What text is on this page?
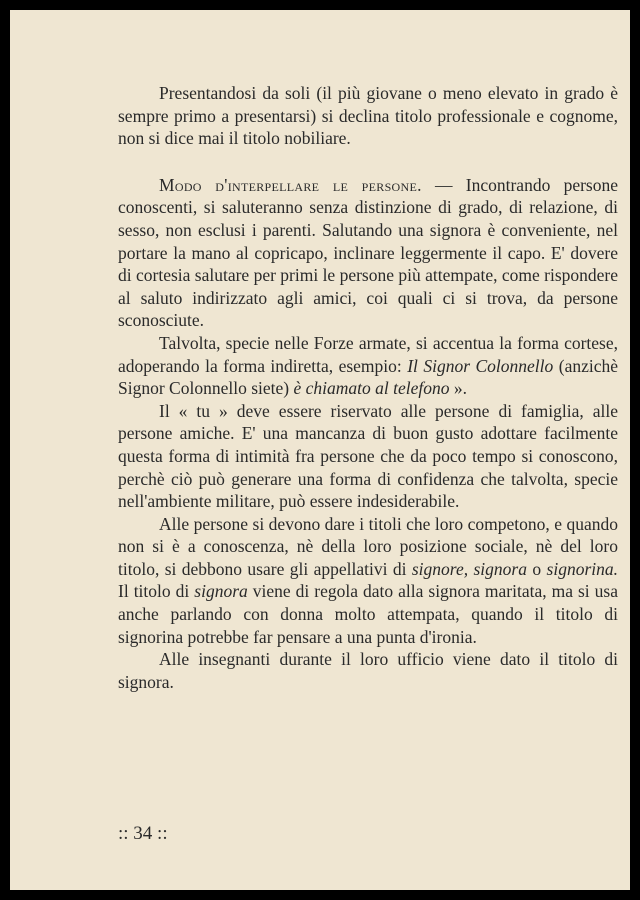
Presentandosi da soli (il più giovane o meno elevato in grado è sempre primo a presentarsi) si declina titolo professionale e cognome, non si dice mai il titolo nobiliare.

Modo d'interpellare le persone. — Incontrando persone conoscenti, si saluteranno senza distinzione di grado, di relazione, di sesso, non esclusi i parenti. Salutando una signora è conveniente, nel portare la mano al copricapo, inclinare leggermente il capo. E' dovere di cortesia salutare per primi le persone più attempate, come rispondere al saluto indirizzato agli amici, coi quali ci si trova, da persone sconosciute.

Talvolta, specie nelle Forze armate, si accentua la forma cortese, adoperando la forma indiretta, esempio: Il Signor Colonnello (anzichè Signor Colonnello siete) è chiamato al telefono ».

Il « tu » deve essere riservato alle persone di famiglia, alle persone amiche. E' una mancanza di buon gusto adottare facilmente questa forma di intimità fra persone che da poco tempo si conoscono, perchè ciò può generare una forma di confidenza che talvolta, specie nell'ambiente militare, può essere indesiderabile.

Alle persone si devono dare i titoli che loro competono, e quando non si è a conoscenza, nè della loro posizione sociale, nè del loro titolo, si debbono usare gli appellativi di signore, signora o signorina. Il titolo di signora viene di regola dato alla signora maritata, ma si usa anche parlando con donna molto attempata, quando il titolo di signorina potrebbe far pensare a una punta d'ironia.

Alle insegnanti durante il loro ufficio viene dato il titolo di signora.

:: 34 ::
